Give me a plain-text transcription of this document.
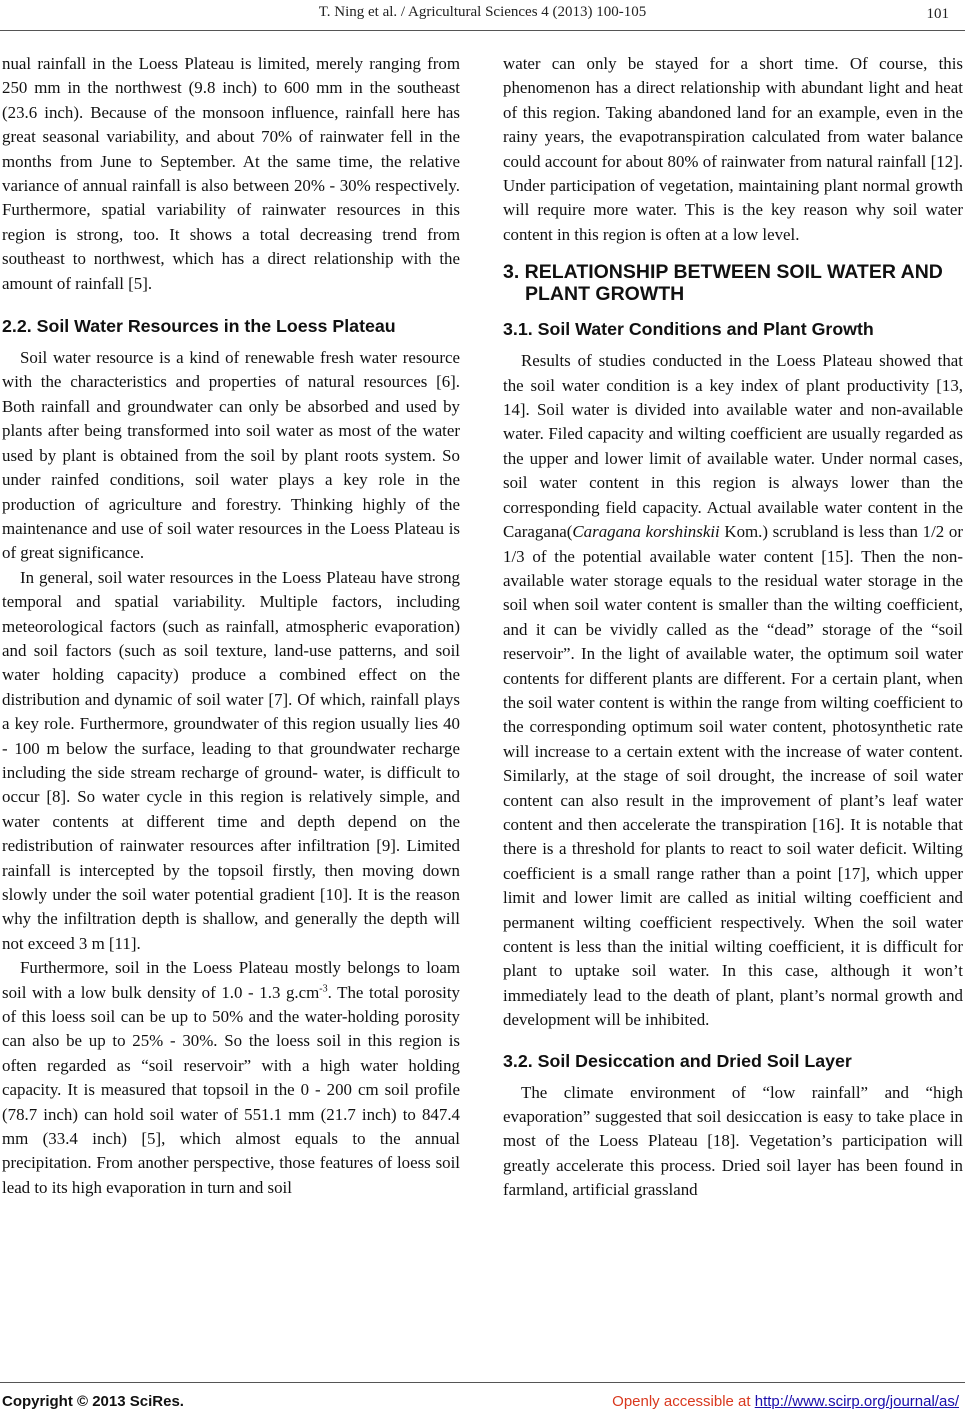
T. Ning et al. / Agricultural Sciences 4 (2013) 100-105	101

nual rainfall in the Loess Plateau is limited, merely ranging from 250 mm in the northwest (9.8 inch) to 600 mm in the southeast (23.6 inch). Because of the monsoon influence, rainfall here has great seasonal variability, and about 70% of rainwater fell in the months from June to September. At the same time, the relative variance of annual rainfall is also between 20% - 30% respectively. Furthermore, spatial variability of rainwater resources in this region is strong, too. It shows a total decreasing trend from southeast to northwest, which has a direct relationship with the amount of rainfall [5].

2.2. Soil Water Resources in the Loess Plateau

Soil water resource is a kind of renewable fresh water resource with the characteristics and properties of natural resources [6]. Both rainfall and groundwater can only be absorbed and used by plants after being transformed into soil water as most of the water used by plant is obtained from the soil by plant roots system. So under rainfed conditions, soil water plays a key role in the production of agriculture and forestry. Thinking highly of the maintenance and use of soil water resources in the Loess Plateau is of great significance.

In general, soil water resources in the Loess Plateau have strong temporal and spatial variability. Multiple factors, including meteorological factors (such as rainfall, atmospheric evaporation) and soil factors (such as soil texture, land-use patterns, and soil water holding capacity) produce a combined effect on the distribution and dynamic of soil water [7]. Of which, rainfall plays a key role. Furthermore, groundwater of this region usually lies 40 - 100 m below the surface, leading to that groundwater recharge including the side stream recharge of ground- water, is difficult to occur [8]. So water cycle in this region is relatively simple, and water contents at different time and depth depend on the redistribution of rainwater resources after infiltration [9]. Limited rainfall is intercepted by the topsoil firstly, then moving down slowly under the soil water potential gradient [10]. It is the reason why the infiltration depth is shallow, and generally the depth will not exceed 3 m [11].

Furthermore, soil in the Loess Plateau mostly belongs to loam soil with a low bulk density of 1.0 - 1.3 $g.cm^{-3}$. The total porosity of this loess soil can be up to 50% and the water-holding porosity can also be up to 25% - 30%. So the loess soil in this region is often regarded as “soil reservoir” with a high water holding capacity. It is measured that topsoil in the 0 - 200 cm soil profile (78.7 inch) can hold soil water of 551.1 mm (21.7 inch) to 847.4 mm (33.4 inch) [5], which almost equals to the annual precipitation. From another perspective, those features of loess soil lead to its high evaporation in turn and soil

water can only be stayed for a short time. Of course, this phenomenon has a direct relationship with abundant light and heat of this region. Taking abandoned land for an example, even in the rainy years, the evapotranspiration calculated from water balance could account for about 80% of rainwater from natural rainfall [12]. Under participation of vegetation, maintaining plant normal growth will require more water. This is the key reason why soil water content in this region is often at a low level.

3. RELATIONSHIP BETWEEN SOIL WATER AND PLANT GROWTH
3.1. Soil Water Conditions and Plant Growth

Results of studies conducted in the Loess Plateau showed that the soil water condition is a key index of plant productivity [13, 14]. Soil water is divided into available water and non-available water. Filed capacity and wilting coefficient are usually regarded as the upper and lower limit of available water. Under normal cases, soil water content in this region is always lower than the corresponding field capacity. Actual available water content in the Caragana(Caragana korshinskii Kom.) scrubland is less than 1/2 or 1/3 of the potential available water content [15]. Then the non-available water storage equals to the residual water storage in the soil when soil water content is smaller than the wilting coefficient, and it can be vividly called as the “dead” storage of the “soil reservoir”. In the light of available water, the optimum soil water contents for different plants are different. For a certain plant, when the soil water content is within the range from wilting coefficient to the corresponding optimum soil water content, photosynthetic rate will increase to a certain extent with the increase of water content. Similarly, at the stage of soil drought, the increase of soil water content can also result in the improvement of plant’s leaf water content and then accelerate the transpiration [16]. It is notable that there is a threshold for plants to react to soil water deficit. Wilting coefficient is a small range rather than a point [17], which upper limit and lower limit are called as initial wilting coefficient and permanent wilting coefficient respectively. When the soil water content is less than the initial wilting coefficient, it is difficult for plant to uptake soil water. In this case, although it won’t immediately lead to the death of plant, plant’s normal growth and development will be inhibited.

3.2. Soil Desiccation and Dried Soil Layer

The climate environment of “low rainfall” and “high evaporation” suggested that soil desiccation is easy to take place in most of the Loess Plateau [18]. Vegetation’s participation will greatly accelerate this process. Dried soil layer has been found in farmland, artificial grassland

Copyright © 2013 SciRes.	Openly accessible at http://www.scirp.org/journal/as/
